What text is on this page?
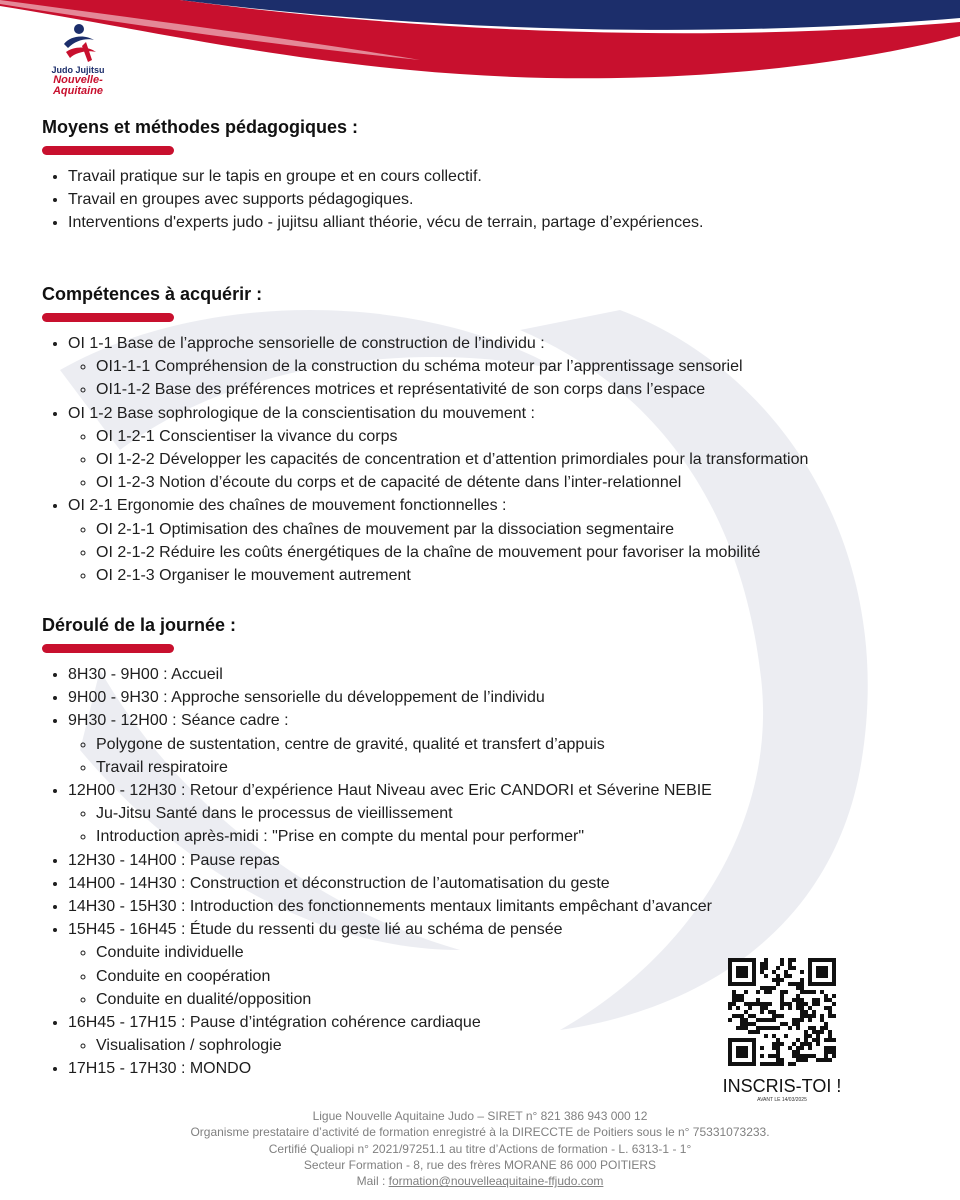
Judo Jujitsu
Nouvelle-
Aquitaine
Moyens et méthodes pédagogiques :
• Travail pratique sur le tapis en groupe et en cours collectif.
• Travail en groupes avec supports pédagogiques.
• Interventions d'experts judo - jujitsu alliant théorie, vécu de terrain, partage d’expériences.
Compétences à acquérir :
• OI 1-1 Base de l’approche sensorielle de construction de l’individu :
◦ OI1-1-1 Compréhension de la construction du schéma moteur par l’apprentissage sensoriel
◦ OI1-1-2 Base des préférences motrices et représentativité de son corps dans l’espace
• OI 1-2 Base sophrologique de la conscientisation du mouvement :
◦ OI 1-2-1 Conscientiser la vivance du corps
◦ OI 1-2-2 Développer les capacités de concentration et d’attention primordiales pour la transformation
◦ OI 1-2-3 Notion d’écoute du corps et de capacité de détente dans l’inter-relationnel
• OI 2-1 Ergonomie des chaînes de mouvement fonctionnelles :
◦ OI 2-1-1 Optimisation des chaînes de mouvement par la dissociation segmentaire
◦ OI 2-1-2 Réduire les coûts énergétiques de la chaîne de mouvement pour favoriser la mobilité
◦ OI 2-1-3 Organiser le mouvement autrement
Déroulé de la journée :
• 8H30 - 9H00 : Accueil
• 9H00 - 9H30 : Approche sensorielle du développement de l’individu
• 9H30 - 12H00 : Séance cadre :
◦ Polygone de sustentation, centre de gravité, qualité et transfert d’appuis
◦ Travail respiratoire
• 12H00 - 12H30 : Retour d’expérience Haut Niveau avec Eric CANDORI et Séverine NEBIE
◦ Ju-Jitsu Santé dans le processus de vieillissement
◦ Introduction après-midi : "Prise en compte du mental pour performer"
• 12H30 - 14H00 : Pause repas
• 14H00 - 14H30 : Construction et déconstruction de l’automatisation du geste
• 14H30 - 15H30 : Introduction des fonctionnements mentaux limitants empêchant d’avancer
• 15H45 - 16H45 : Étude du ressenti du geste lié au schéma de pensée
◦ Conduite individuelle
◦ Conduite en coopération
◦ Conduite en dualité/opposition
• 16H45 - 17H15 : Pause d’intégration cohérence cardiaque
◦ Visualisation / sophrologie
• 17H15 - 17H30 : MONDO
INSCRIS-TOI !
AVANT LE 14/03/2025
Ligue Nouvelle Aquitaine Judo – SIRET n° 821 386 943 000 12
Organisme prestataire d’activité de formation enregistré à la DIRECCTE de Poitiers sous le n° 75331073233.
Certifié Qualiopi n° 2021/97251.1 au titre d’Actions de formation - L. 6313-1 - 1°
Secteur Formation - 8, rue des frères MORANE 86 000 POITIERS
Mail : formation@nouvelleaquitaine-ffjudo.com
